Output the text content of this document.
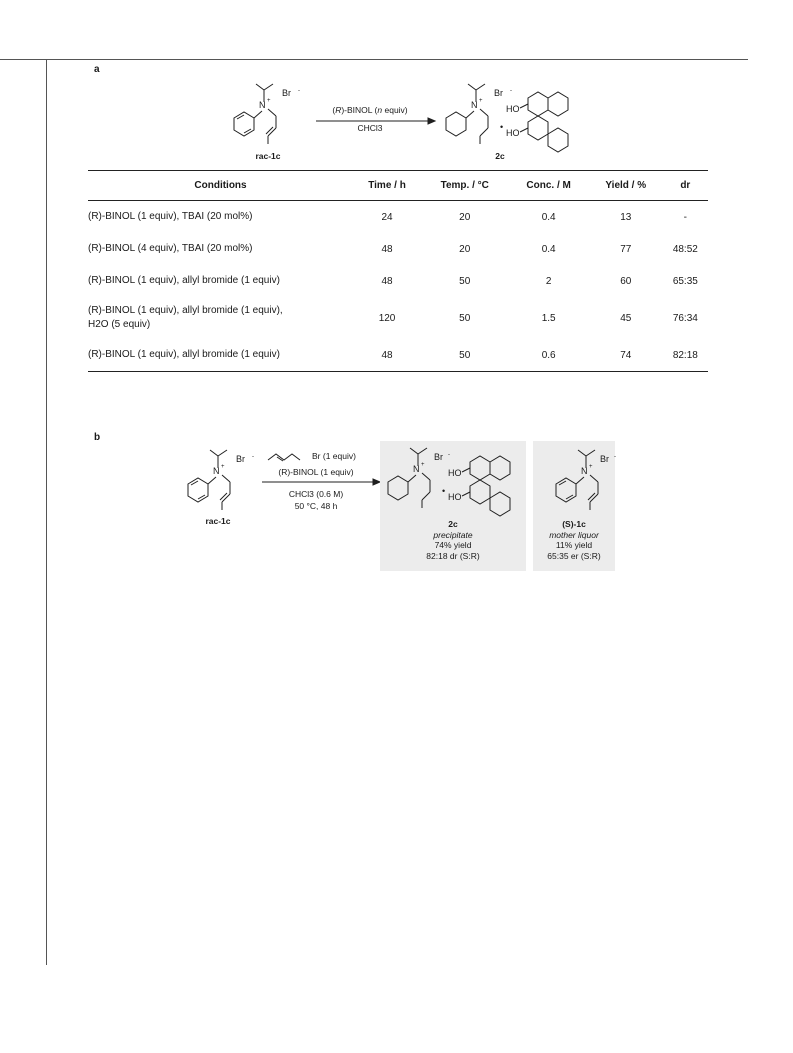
a
N +
Br -
rac-1c
(R)-BINOL (n equiv)
CHCl3
N +
Br -
•
HO
HO
2c
Conditions	Time / h	Temp. / °C	Conc. / M	Yield / %	dr
(R)-BINOL (1 equiv), TBAI (20 mol%)	24	20	0.4	13	-
(R)-BINOL (4 equiv), TBAI (20 mol%)	48	20	0.4	77	48:52
(R)-BINOL (1 equiv), allyl bromide (1 equiv)	48	50	2	60	65:35
(R)-BINOL (1 equiv), allyl bromide (1 equiv),
H2O (5 equiv)	120	50	1.5	45	76:34
(R)-BINOL (1 equiv), allyl bromide (1 equiv)	48	50	0.6	74	82:18
b
N +
Br -
rac-1c
Br (1 equiv)
(R)-BINOL (1 equiv)
CHCl3 (0.6 M)
50 °C, 48 h
N +
Br -
•
HO
HO
2c
precipitate
74% yield
82:18 dr (S:R)
N +
Br -
(S)-1c
mother liquor
11% yield
65:35 er (S:R)
